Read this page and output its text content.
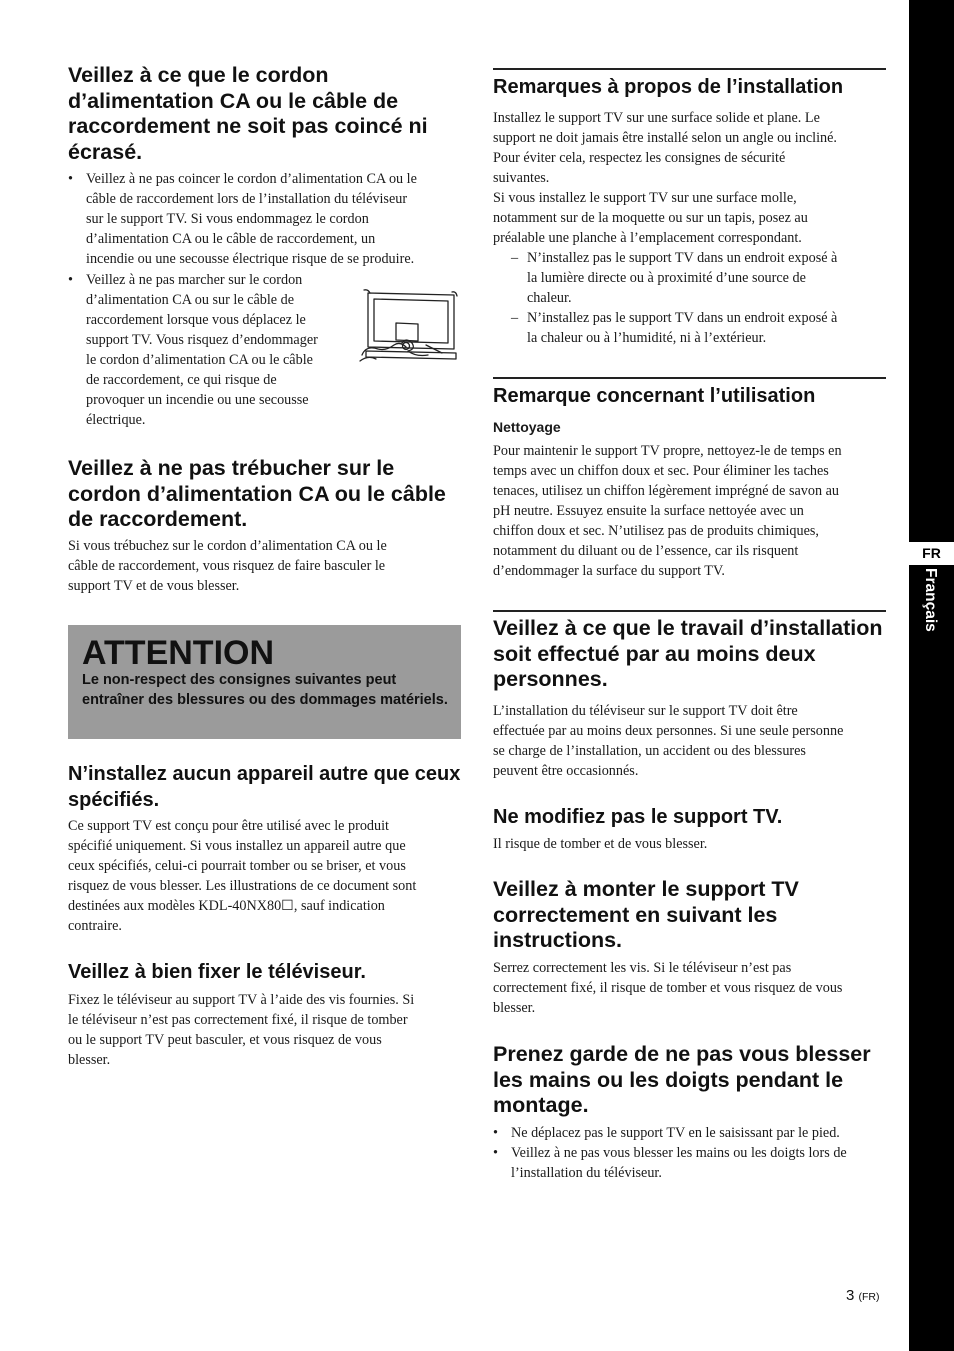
Veillez à ce que le cordon d’alimentation CA ou le câble de raccordement ne soit pas coincé ni écrasé.
• Veillez à ne pas coincer le cordon d’alimentation CA ou le
câble de raccordement lors de l’installation du téléviseur
sur le support TV. Si vous endommagez le cordon
d’alimentation CA ou le câble de raccordement, un
incendie ou une secousse électrique risque de se produire.
• Veillez à ne pas marcher sur le cordon
d’alimentation CA ou sur le câble de
raccordement lorsque vous déplacez le
support TV. Vous risquez d’endommager
le cordon d’alimentation CA ou le câble
de raccordement, ce qui risque de
provoquer un incendie ou une secousse
électrique.
Veillez à ne pas trébucher sur le cordon d’alimentation CA ou le câble de raccordement.
Si vous trébuchez sur le cordon d’alimentation CA ou le
câble de raccordement, vous risquez de faire basculer le
support TV et de vous blesser.
ATTENTION
Le non-respect des consignes suivantes peut entraîner des blessures ou des dommages matériels.
N’installez aucun appareil autre que ceux spécifiés.
Ce support TV est conçu pour être utilisé avec le produit
spécifié uniquement. Si vous installez un appareil autre que
ceux spécifiés, celui-ci pourrait tomber ou se briser, et vous
risquez de vous blesser. Les illustrations de ce document sont
destinées aux modèles KDL-40NX80☐, sauf indication
contraire.
Veillez à bien fixer le téléviseur.
Fixez le téléviseur au support TV à l’aide des vis fournies. Si
le téléviseur n’est pas correctement fixé, il risque de tomber
ou le support TV peut basculer, et vous risquez de vous
blesser.
Remarques à propos de l’installation
Installez le support TV sur une surface solide et plane. Le
support ne doit jamais être installé selon un angle ou incliné.
Pour éviter cela, respectez les consignes de sécurité
suivantes.
Si vous installez le support TV sur une surface molle,
notamment sur de la moquette ou sur un tapis, posez au
préalable une planche à l’emplacement correspondant.
– N’installez pas le support TV dans un endroit exposé à
la lumière directe ou à proximité d’une source de
chaleur.
– N’installez pas le support TV dans un endroit exposé à
la chaleur ou à l’humidité, ni à l’extérieur.
Remarque concernant l’utilisation
Nettoyage
Pour maintenir le support TV propre, nettoyez-le de temps en
temps avec un chiffon doux et sec. Pour éliminer les taches
tenaces, utilisez un chiffon légèrement imprégné de savon au
pH neutre. Essuyez ensuite la surface nettoyée avec un
chiffon doux et sec. N’utilisez pas de produits chimiques,
notamment du diluant ou de l’essence, car ils risquent
d’endommager la surface du support TV.
Veillez à ce que le travail d’installation soit effectué par au moins deux personnes.
L’installation du téléviseur sur le support TV doit être
effectuée par au moins deux personnes. Si une seule personne
se charge de l’installation, un accident ou des blessures
peuvent être occasionnés.
Ne modifiez pas le support TV.
Il risque de tomber et de vous blesser.
Veillez à monter le support TV correctement en suivant les instructions.
Serrez correctement les vis. Si le téléviseur n’est pas
correctement fixé, il risque de tomber et vous risquez de vous
blesser.
Prenez garde de ne pas vous blesser les mains ou les doigts pendant le montage.
• Ne déplacez pas le support TV en le saisissant par le pied.
• Veillez à ne pas vous blesser les mains ou les doigts lors de
l’installation du téléviseur.
FR
Français
3 (FR)
